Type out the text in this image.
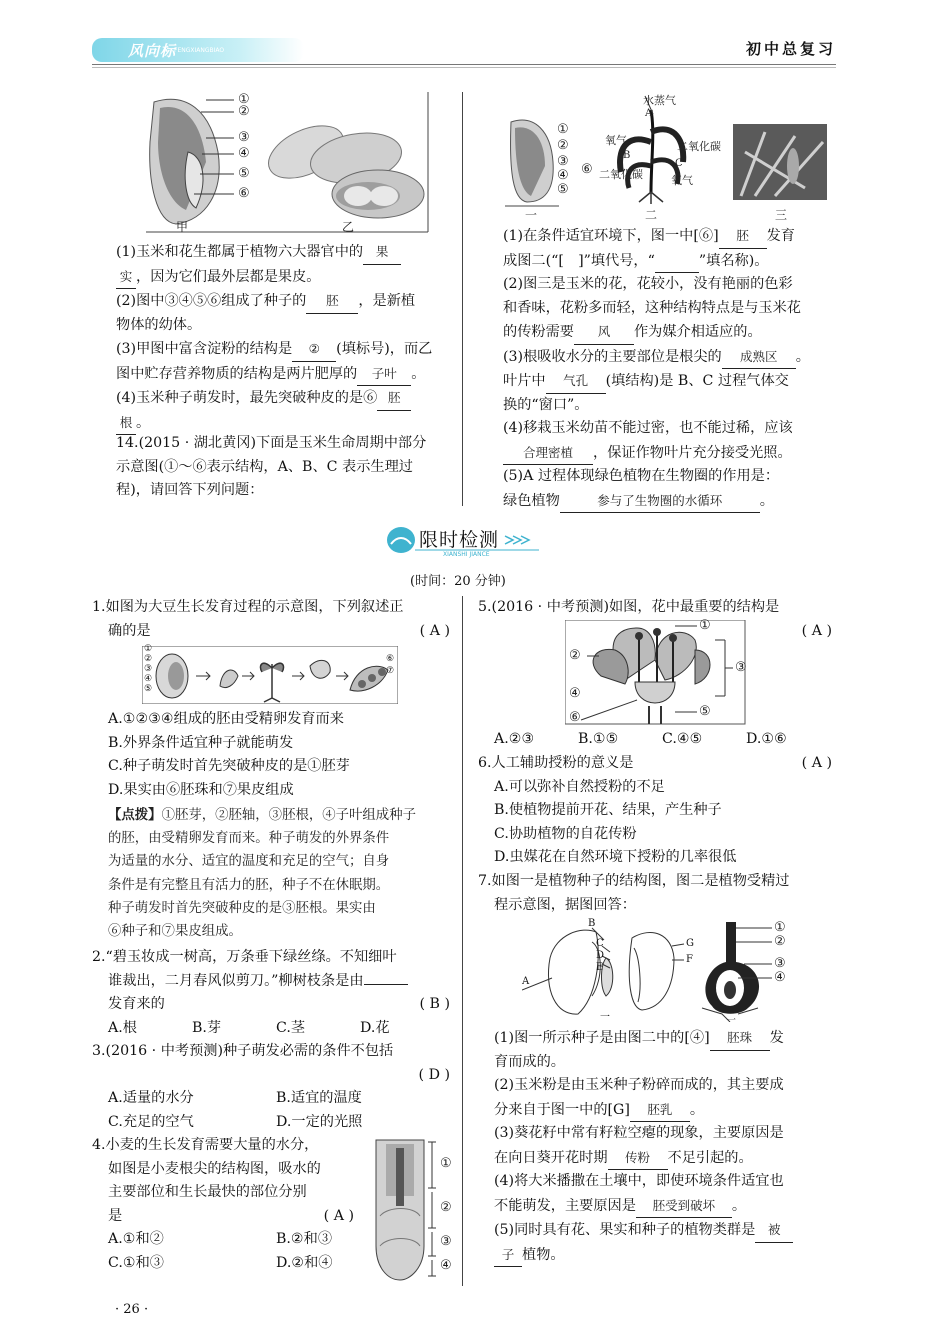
风向标
FENGXIANGBIAO	初中总复习
①
②
③
④
⑤
⑥
甲	乙
(1)玉米和花生都属于植物六大器官中的 果
实 ，因为它们最外层都是果皮。
(2)图中③④⑤⑥组成了种子的 胚 ，是新植
物体的幼体。
(3)甲图中富含淀粉的结构是 ② (填标号)，而乙
图中贮存营养物质的结构是两片肥厚的 子叶 。
(4)玉米种子萌发时，最先突破种皮的是⑥ 胚
根 。
14.(2015 · 湖北黄冈)下面是玉米生命周期中部分
示意图(①～⑥表示结构，A、B、C 表示生理过
程)，请回答下列问题：
①
②
③
④
⑤
⑥
水蒸气
A
氧气	二氧化碳
B
C
二氧化碳	氧气
一	二	三
(1)在条件适宜环境下，图一中[⑥] 胚 发育
成图二(“[　]”填代号，“　　　　	”填名称)。
(2)图三是玉米的花，花较小，没有艳丽的色彩
和香味，花粉多而轻，这种结构特点是与玉米花
的传粉需要 风 作为媒介相适应的。
(3)根吸收水分的主要部位是根尖的 成熟区 。
叶片中 气孔 (填结构)是 B、C 过程气体交
换的“窗口”。
(4)移栽玉米幼苗不能过密，也不能过稀，应该
合理密植 ，保证作物叶片充分接受光照。
(5)A 过程体现绿色植物在生物圈的作用是：
绿色植物	参与了生物圈的水循环	。
限时检测
XIANSHI JIANCE
(时间：20 分钟)
1.如图为大豆生长发育过程的示意图，下列叙述正
确的是	( A )
①
②
③
④
⑤
⑥
⑦
A.①②③④组成的胚由受精卵发育而来
B.外界条件适宜种子就能萌发
C.种子萌发时首先突破种皮的是①胚芽
D.果实由⑥胚珠和⑦果皮组成
【点拨】①胚芽，②胚轴，③胚根，④子叶组成种子
的胚，由受精卵发育而来。种子萌发的外界条件
为适量的水分、适宜的温度和充足的空气；自身
条件是有完整且有活力的胚，种子不在休眠期。
种子萌发时首先突破种皮的是③胚根。果实由
⑥种子和⑦果皮组成。
2.“碧玉妆成一树高，万条垂下绿丝绦。不知细叶
谁裁出，二月春风似剪刀。”柳树枝条是由
发育来的	( B )
A.根	B.芽	C.茎	D.花
3.(2016 · 中考预测)种子萌发必需的条件不包括
( D )
A.适量的水分	B.适宜的温度
C.充足的空气	D.一定的光照
4.小麦的生长发育需要大量的水分，
如图是小麦根尖的结构图，吸水的
主要部位和生长最快的部位分别
是	( A )
A.①和②	B.②和③
C.①和③	D.②和④
①
②
③
④
5.(2016 · 中考预测)如图，花中最重要的结构是
( A )
①
②
③
④
⑤
⑥
A.②③	B.①⑤	C.④⑤	D.①⑥
6.人工辅助授粉的意义是	( A )
A.可以弥补自然授粉的不足
B.使植物提前开花、结果，产生种子
C.协助植物的自花传粉
D.虫媒花在自然环境下授粉的几率很低
7.如图一是植物种子的结构图，图二是植物受精过
程示意图，据图回答：
A
B
C
D
E
F
G
①
②
③
④
一	二
(1)图一所示种子是由图二中的[④] 胚珠 发
育而成的。
(2)玉米粉是由玉米种子粉碎而成的，其主要成
分来自于图一中的[G] 胚乳 。
(3)葵花籽中常有籽粒空瘪的现象，主要原因是
在向日葵开花时期 传粉 不足引起的。
(4)将大米播撒在土壤中，即使环境条件适宜也
不能萌发，主要原因是 胚受到破坏 。
(5)同时具有花、果实和种子的植物类群是 被
子 植物。
· 26 ·
